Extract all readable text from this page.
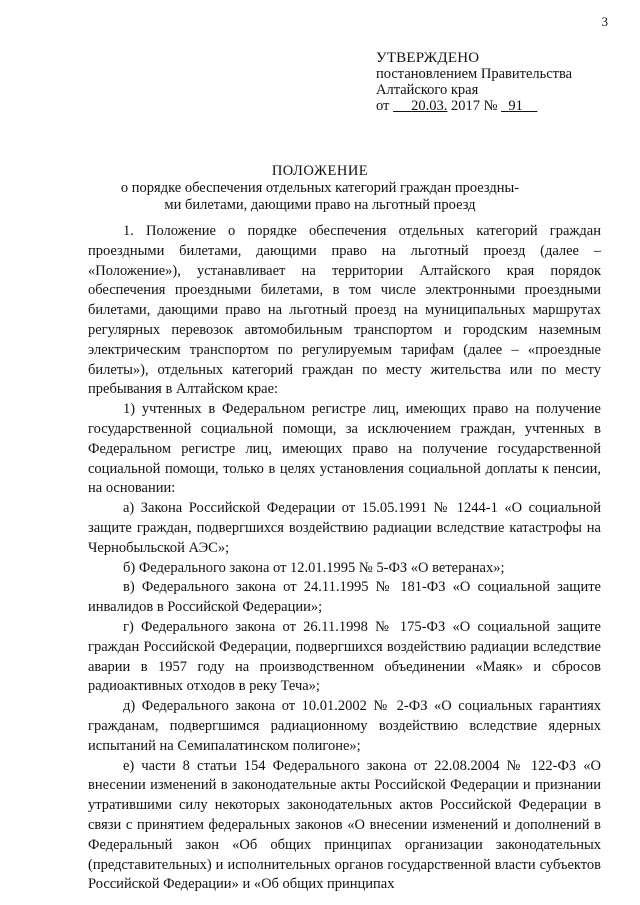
3
УТВЕРЖДЕНО
постановлением Правительства
Алтайского края
от 20.03. 2017 № 91
ПОЛОЖЕНИЕ
о порядке обеспечения отдельных категорий граждан проездны-
ми билетами, дающими право на льготный проезд

1. Положение о порядке обеспечения отдельных категорий граждан проездными билетами, дающими право на льготный проезд (далее – «Положение»), устанавливает на территории Алтайского края порядок обеспечения проездными билетами, в том числе электронными проездными билетами, дающими право на льготный проезд на муниципальных маршрутах регулярных перевозок автомобильным транспортом и городским наземным электрическим транспортом по регулируемым тарифам (далее – «проездные билеты»), отдельных категорий граждан по месту жительства или по месту пребывания в Алтайском крае:

1) учтенных в Федеральном регистре лиц, имеющих право на получение государственной социальной помощи, за исключением граждан, учтенных в Федеральном регистре лиц, имеющих право на получение государственной социальной помощи, только в целях установления социальной доплаты к пенсии, на основании:

а) Закона Российской Федерации от 15.05.1991 № 1244-1 «О социальной защите граждан, подвергшихся воздействию радиации вследствие катастрофы на Чернобыльской АЭС»;

б) Федерального закона от 12.01.1995 № 5-ФЗ «О ветеранах»;

в) Федерального закона от 24.11.1995 № 181-ФЗ «О социальной защите инвалидов в Российской Федерации»;

г) Федерального закона от 26.11.1998 № 175-ФЗ «О социальной защите граждан Российской Федерации, подвергшихся воздействию радиации вследствие аварии в 1957 году на производственном объединении «Маяк» и сбросов радиоактивных отходов в реку Теча»;

д) Федерального закона от 10.01.2002 № 2-ФЗ «О социальных гарантиях гражданам, подвергшимся радиационному воздействию вследствие ядерных испытаний на Семипалатинском полигоне»;

е) части 8 статьи 154 Федерального закона от 22.08.2004 № 122-ФЗ «О внесении изменений в законодательные акты Российской Федерации и признании утратившими силу некоторых законодательных актов Российской Федерации в связи с принятием федеральных законов «О внесении изменений и дополнений в Федеральный закон «Об общих принципах организации законодательных (представительных) и исполнительных органов государственной власти субъектов Российской Федерации» и «Об общих принципах
